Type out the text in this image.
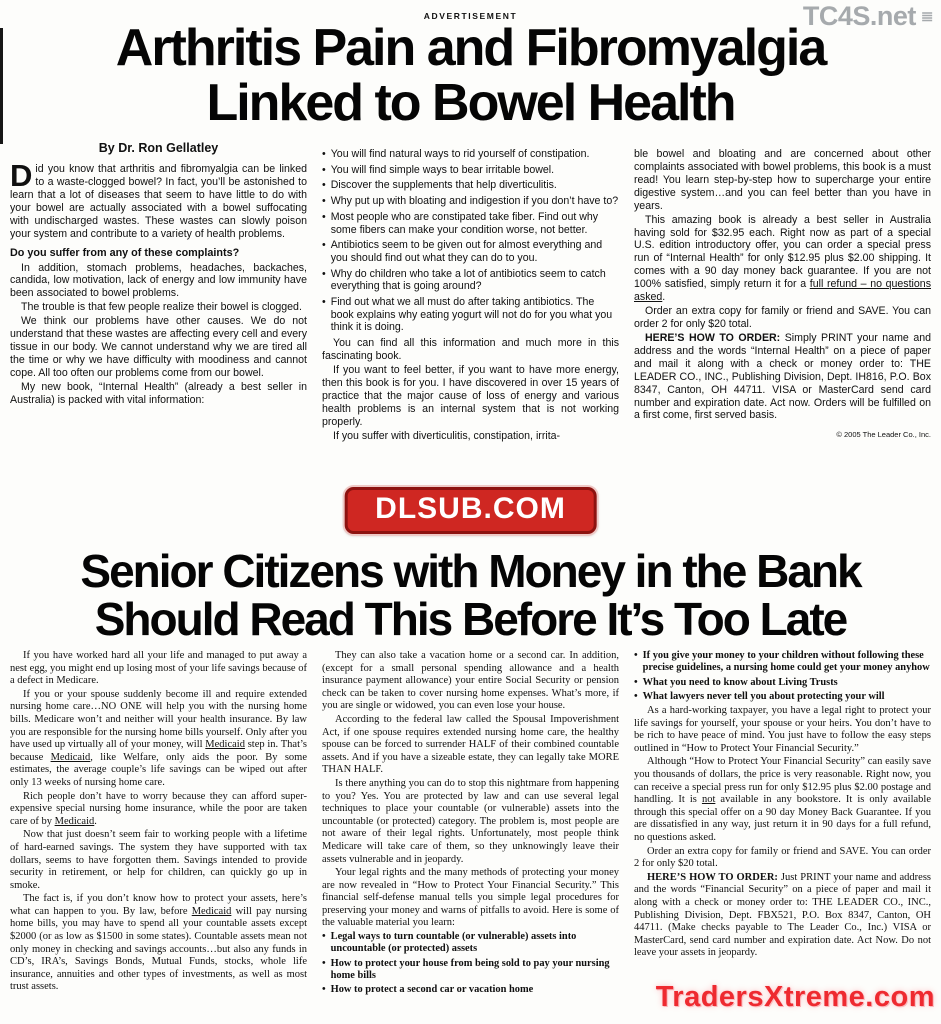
TC4S.net ≣
ADVERTISEMENT
Arthritis Pain and Fibromyalgia
Linked to Bowel Health
By Dr. Ron Gellatley

Did you know that arthritis and fibromyalgia can be linked to a waste-clogged bowel? In fact, you’ll be astonished to learn that a lot of diseases that seem to have little to do with your bowel are actually associated with a bowel suffocating with undischarged wastes. These wastes can slowly poison your system and contribute to a variety of health problems.

Do you suffer from any of these complaints?

In addition, stomach problems, headaches, backaches, candida, low motivation, lack of energy and low immunity have been associated to bowel problems.

The trouble is that few people realize their bowel is clogged.

We think our problems have other causes. We do not understand that these wastes are affecting every cell and every tissue in our body. We cannot understand why we are tired all the time or why we have difficulty with moodiness and cannot cope. All too often our problems come from our bowel.

My new book, “Internal Health” (already a best seller in Australia) is packed with vital information:

• You will find natural ways to rid yourself of constipation.
• You will find simple ways to bear irritable bowel.
• Discover the supplements that help diverticulitis.
• Why put up with bloating and indigestion if you don’t have to?
• Most people who are constipated take fiber. Find out why some fibers can make your condition worse, not better.
• Antibiotics seem to be given out for almost everything and you should find out what they can do to you.
• Why do children who take a lot of antibiotics seem to catch everything that is going around?
• Find out what we all must do after taking antibiotics. The book explains why eating yogurt will not do for you what you think it is doing.

You can find all this information and much more in this fascinating book.

If you want to feel better, if you want to have more energy, then this book is for you. I have discovered in over 15 years of practice that the major cause of loss of energy and various health problems is an internal system that is not working properly.

If you suffer with diverticulitis, constipation, irrita-

ble bowel and bloating and are concerned about other complaints associated with bowel problems, this book is a must read! You learn step-by-step how to supercharge your entire digestive system…and you can feel better than you have in years.

This amazing book is already a best seller in Australia having sold for $32.95 each. Right now as part of a special U.S. edition introductory offer, you can order a special press run of “Internal Health” for only $12.95 plus $2.00 shipping. It comes with a 90 day money back guarantee. If you are not 100% satisfied, simply return it for a full refund – no questions asked.

Order an extra copy for family or friend and SAVE. You can order 2 for only $20 total.

HERE’S HOW TO ORDER: Simply PRINT your name and address and the words “Internal Health” on a piece of paper and mail it along with a check or money order to: THE LEADER CO., INC., Publishing Division, Dept. IH816, P.O. Box 8347, Canton, OH 44711. VISA or MasterCard send card number and expiration date. Act now. Orders will be fulfilled on a first come, first served basis.

© 2005 The Leader Co., Inc.

DLSUB.COM
Senior Citizens with Money in the Bank
Should Read This Before It’s Too Late

If you have worked hard all your life and managed to put away a nest egg, you might end up losing most of your life savings because of a defect in Medicare.

If you or your spouse suddenly become ill and require extended nursing home care…NO ONE will help you with the nursing home bills. Medicare won’t and neither will your health insurance. By law you are responsible for the nursing home bills yourself. Only after you have used up virtually all of your money, will Medicaid step in. That’s because Medicaid, like Welfare, only aids the poor. By some estimates, the average couple’s life savings can be wiped out after only 13 weeks of nursing home care.

Rich people don’t have to worry because they can afford super-expensive special nursing home insurance, while the poor are taken care of by Medicaid.

Now that just doesn’t seem fair to working people with a lifetime of hard-earned savings. The system they have supported with tax dollars, seems to have forgotten them. Savings intended to provide security in retirement, or help for children, can quickly go up in smoke.

The fact is, if you don’t know how to protect your assets, here’s what can happen to you. By law, before Medicaid will pay nursing home bills, you may have to spend all your countable assets except $2000 (or as low as $1500 in some states). Countable assets mean not only money in checking and savings accounts…but also any funds in CD’s, IRA’s, Savings Bonds, Mutual Funds, stocks, whole life insurance, annuities and other types of investments, as well as most trust assets.

They can also take a vacation home or a second car. In addition, (except for a small personal spending allowance and a health insurance payment allowance) your entire Social Security or pension check can be taken to cover nursing home expenses. What’s more, if you are single or widowed, you can even lose your house.

According to the federal law called the Spousal Impoverishment Act, if one spouse requires extended nursing home care, the healthy spouse can be forced to surrender HALF of their combined countable assets. And if you have a sizeable estate, they can legally take MORE THAN HALF.

Is there anything you can do to stop this nightmare from happening to you? Yes. You are protected by law and can use several legal techniques to place your countable (or vulnerable) assets into the uncountable (or protected) category. The problem is, most people are not aware of their legal rights. Unfortunately, most people think Medicare will take care of them, so they unknowingly leave their assets vulnerable and in jeopardy.

Your legal rights and the many methods of protecting your money are now revealed in “How to Protect Your Financial Security.” This financial self-defense manual tells you simple legal procedures for preserving your money and warns of pitfalls to avoid. Here is some of the valuable material you learn:

• Legal ways to turn countable (or vulnerable) assets into uncountable (or protected) assets
• How to protect your house from being sold to pay your nursing home bills
• How to protect a second car or vacation home
• If you give your money to your children without following these precise guidelines, a nursing home could get your money anyhow
• What you need to know about Living Trusts
• What lawyers never tell you about protecting your will

As a hard-working taxpayer, you have a legal right to protect your life savings for yourself, your spouse or your heirs. You don’t have to be rich to have peace of mind. You just have to follow the easy steps outlined in “How to Protect Your Financial Security.”

Although “How to Protect Your Financial Security” can easily save you thousands of dollars, the price is very reasonable. Right now, you can receive a special press run for only $12.95 plus $2.00 postage and handling. It is not available in any bookstore. It is only available through this special offer on a 90 day Money Back Guarantee. If you are dissatisfied in any way, just return it in 90 days for a full refund, no questions asked.

Order an extra copy for family or friend and SAVE. You can order 2 for only $20 total.

HERE’S HOW TO ORDER: Just PRINT your name and address and the words “Financial Security” on a piece of paper and mail it along with a check or money order to: THE LEADER CO., INC., Publishing Division, Dept. FBX521, P.O. Box 8347, Canton, OH 44711. (Make checks payable to The Leader Co., Inc.) VISA or MasterCard, send card number and expiration date. Act Now. Do not leave your assets in jeopardy.

TradersXtreme.com
